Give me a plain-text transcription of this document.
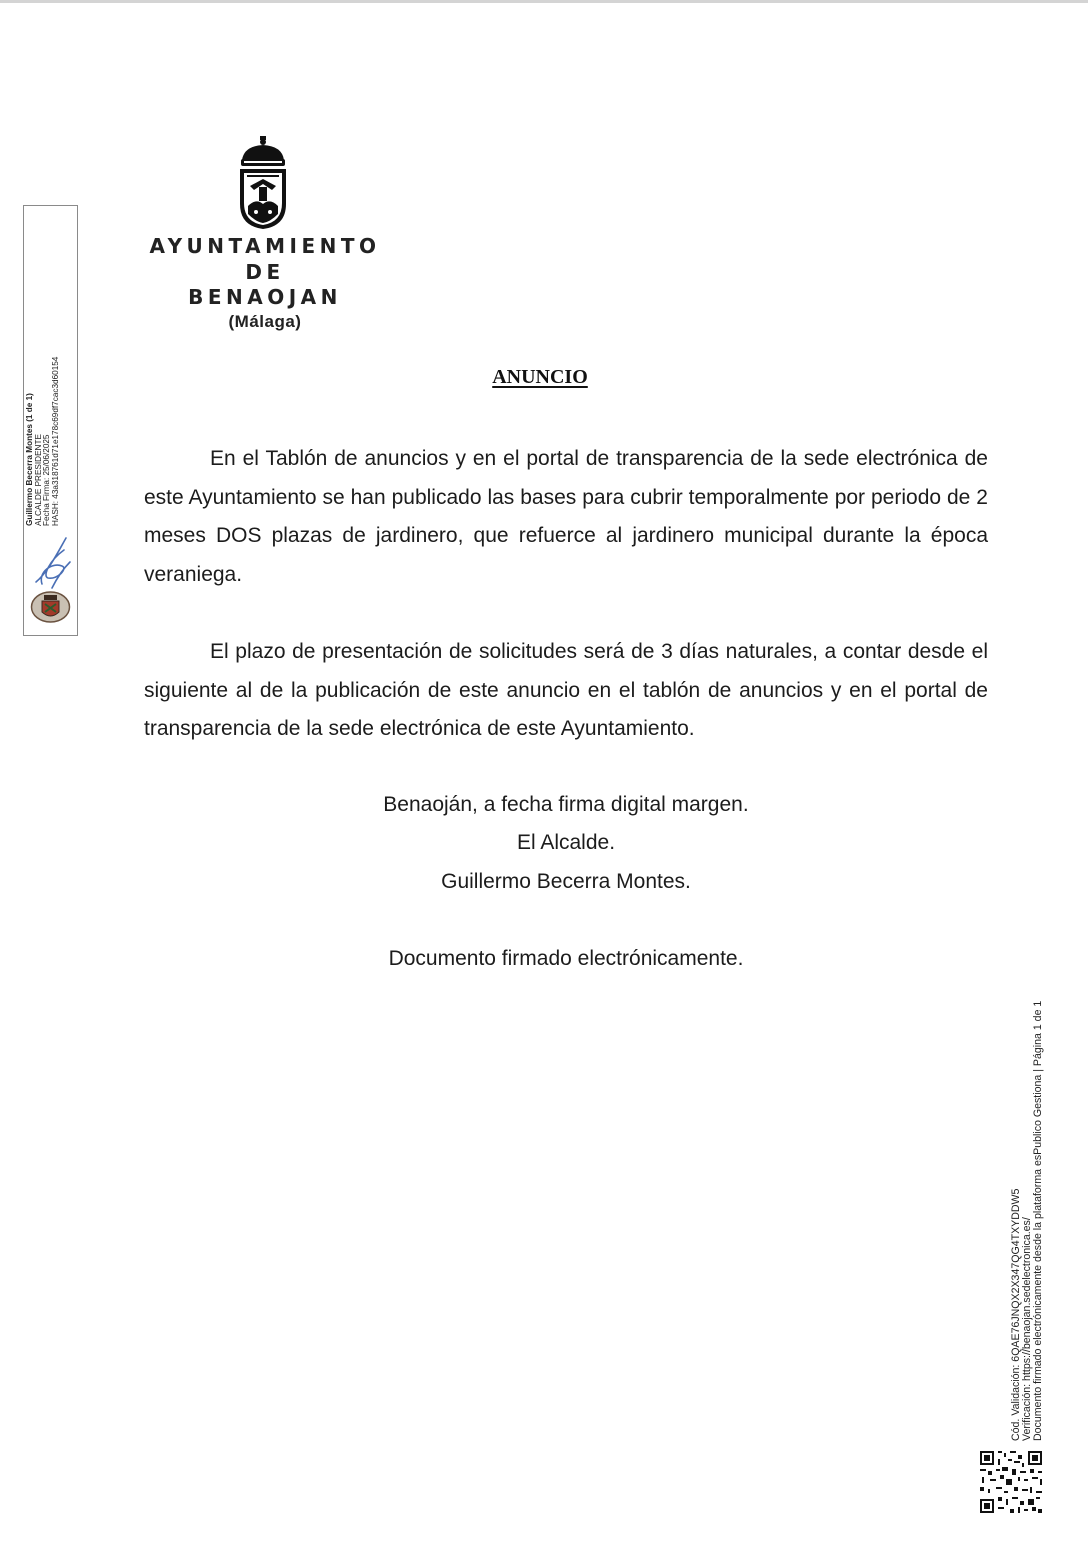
AYUNTAMIENTO
DE
BENAOJAN
(Málaga)
Guillermo Becerra Montes (1 de 1) ALCALDE PRESIDENTE Fecha Firma: 25/06/2025 HASH: 43a318761d71e178c69df7cac3d60154	ANUNCIO

En el Tablón de anuncios y en el portal de transparencia de la sede electrónica de este Ayuntamiento se han publicado las bases para cubrir temporalmente por periodo de 2 meses DOS plazas de jardinero, que refuerce al jardinero municipal durante la época veraniega.

El plazo de presentación de solicitudes será de 3 días naturales, a contar desde el siguiente al de la publicación de este anuncio en el tablón de anuncios y en el portal de transparencia de la sede electrónica de este Ayuntamiento.

Benaoján, a fecha firma digital margen.
El Alcalde.
Guillermo Becerra Montes.
Documento firmado electrónicamente.
Cód. Validación: 6QAE76JNQX2X347QG4TXYDDW5 Verificación: https://benaojan.sedelectronica.es/ Documento firmado electrónicamente desde la plataforma esPublico Gestiona | Página 1 de 1
